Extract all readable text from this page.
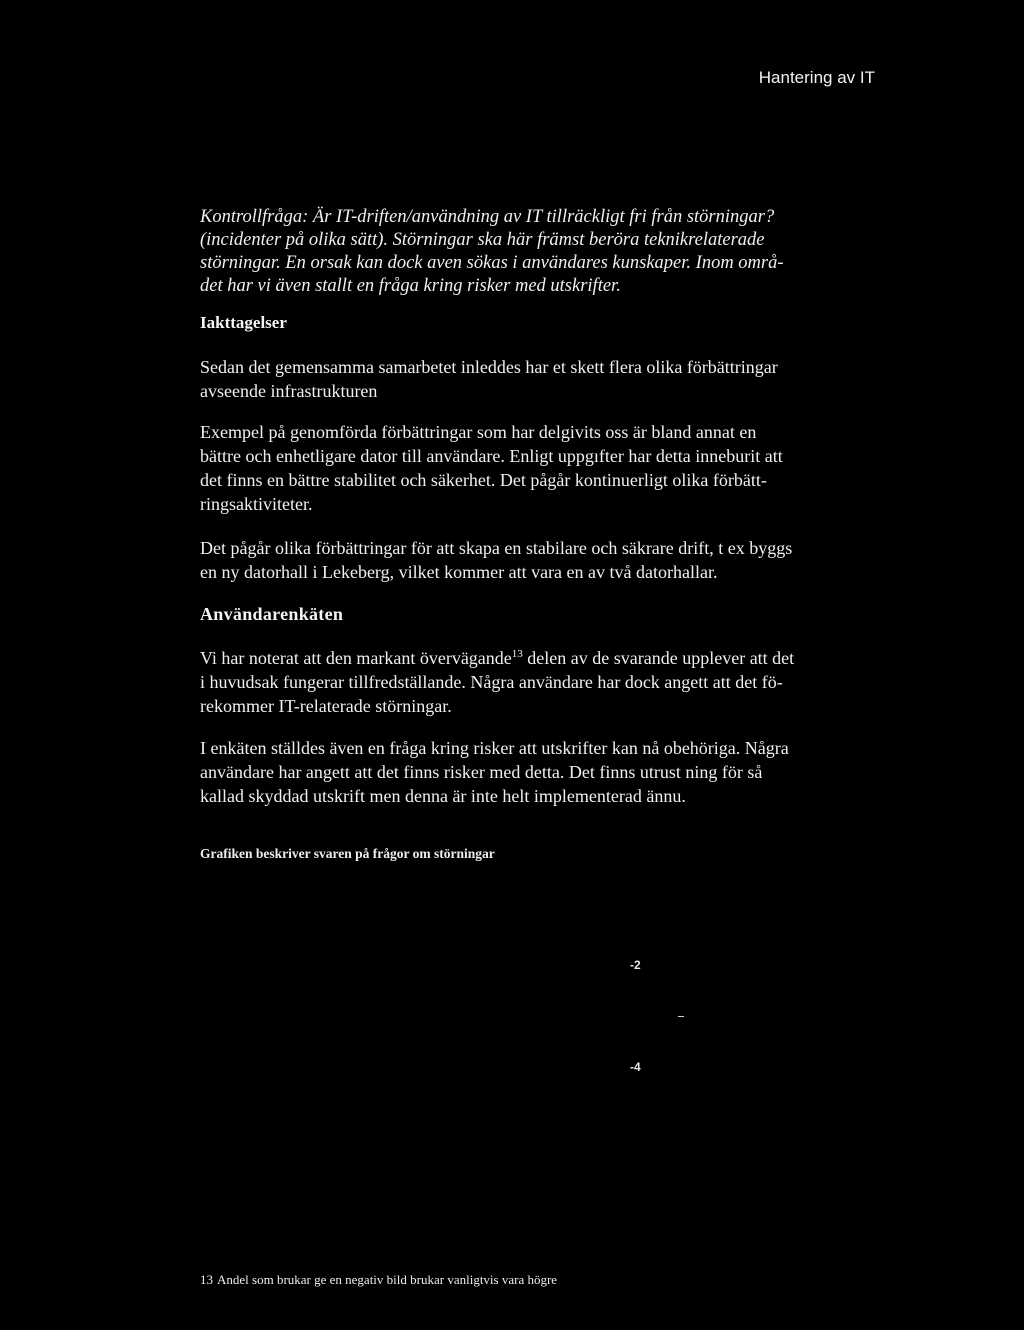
Hantering av IT
Kontrollfråga: Är IT-driften/användning av IT tillräckligt fri från störningar?
(incidenter på olika sätt). Störningar ska här främst beröra teknikrelaterade
störningar. En orsak kan dock aven sökas i användares kunskaper. Inom områ-
det har vi även stallt en fråga kring risker med utskrifter.
Iakttagelser
Sedan det gemensamma samarbetet inleddes har et skett flera olika förbättringar
avseende infrastrukturen
Exempel på genomförda förbättringar som har delgivits oss är bland annat en
bättre och enhetligare dator till användare. Enligt uppgıfter har detta inneburit att
det finns en bättre stabilitet och säkerhet. Det pågår kontinuerligt olika förbätt-
ringsaktiviteter.
Det pågår olika förbättringar för att skapa en stabilare och säkrare drift, t ex byggs
en ny datorhall i Lekeberg, vilket kommer att vara en av två datorhallar.
Användarenkäten
Vi har noterat att den markant övervägande$^{13}$ delen av de svarande upplever att det
i huvudsak fungerar tillfredställande. Några användare har dock angett att det fö-
rekommer IT-relaterade störningar.
I enkäten ställdes även en fråga kring risker att utskrifter kan nå obehöriga. Några
användare har angett att det finns risker med detta. Det finns utrust ning för så
kallad skyddad utskrift men denna är inte helt implementerad ännu.
Grafiken beskriver svaren på frågor om störningar
-2
-4
13 Andel som brukar ge en negativ bild brukar vanligtvis vara högre
